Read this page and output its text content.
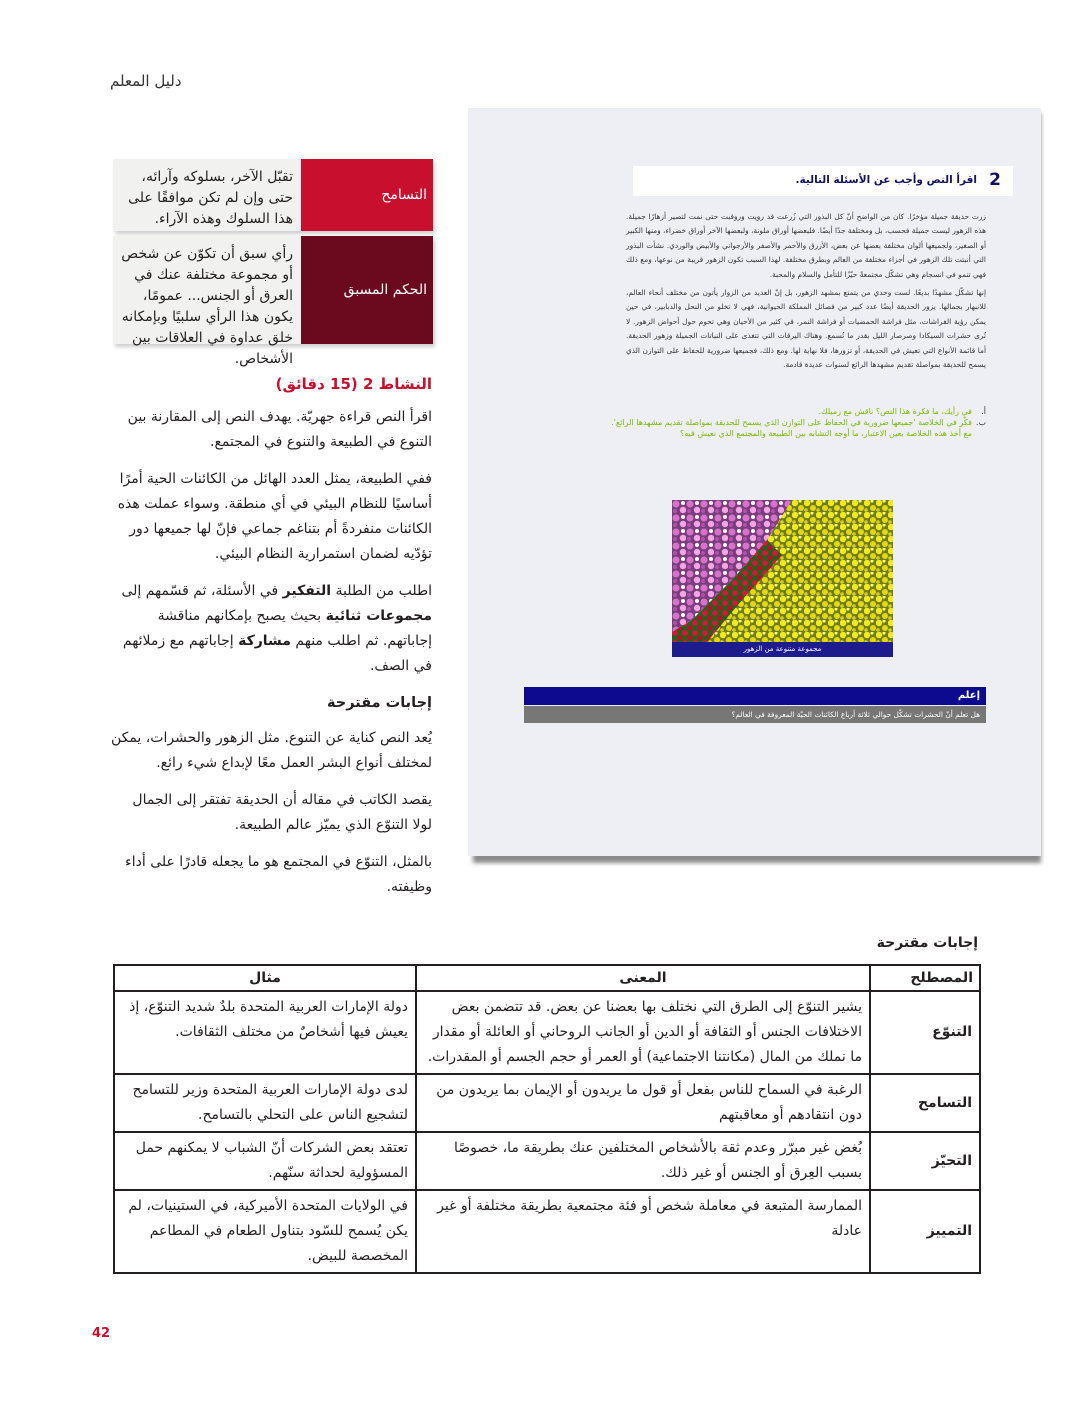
دليل المعلم
التسامح
تقبّل الآخر، بسلوكه وآرائه، حتى وإن لم تكن موافقًا على هذا السلوك وهذه الآراء.
الحكم المسبق
رأي سبق أن تكوّن عن شخص أو مجموعة مختلفة عنك في العرق أو الجنس... عمومًا، يكون هذا الرأي سلبيًا وبإمكانه خلق عداوة في العلاقات بين الأشخاص.
النشاط 2 (15 دقائق)

اقرأ النص قراءة جهريّة. يهدف النص إلى المقارنة بين التنوع في الطبيعة والتنوع في المجتمع.

ففي الطبيعة، يمثل العدد الهائل من الكائنات الحية أمرًا أساسيًا للنظام البيئي في أي منطقة. وسواء عملت هذه الكائنات منفردةً أم بتناغم جماعي فإنّ لها جميعها دور تؤدّيه لضمان استمرارية النظام البيئي.

اطلب من الطلبة التفكير في الأسئلة، ثم قسّمهم إلى مجموعات ثنائية بحيث يصبح بإمكانهم مناقشة إجاباتهم. ثم اطلب منهم مشاركة إجاباتهم مع زملائهم في الصف.

إجابات مقترحة

يُعد النص كناية عن التنوع. مثل الزهور والحشرات، يمكن لمختلف أنواع البشر العمل معًا لإبداع شيء رائع.

يقصد الكاتب في مقاله أن الحديقة تفتقر إلى الجمال لولا التنوّع الذي يميّز عالم الطبيعة.

بالمثل، التنوّع في المجتمع هو ما يجعله قادرًا على أداء وظيفته.

2
اقرأ النص وأجب عن الأسئلة التالية.

زرت حديقة جميلة مؤخرًا. كان من الواضح أنّ كل البذور التي زُرعت قد رويت وروقبت حتى نمت لتصير أزهارًا جميلة. هذه الزهور ليست جميلة فحسب، بل ومختلفة جدًا أيضًا. فلبعضها أوراق ملونة، ولبعضها الآخر أوراق خضراء، ومنها الكبير أو الصغير، ولجميعها ألوان مختلفة بعضها عن بعض، الأزرق والأحمر والأصفر والأرجواني والأبيض والوردي. نشأت البذور التي أنبتت تلك الزهور في أجزاء مختلفة من العالم وبطرق مختلفة. لهذا السبب تكون الزهور قريبة من نوعها، ومع ذلك فهي تنمو في انسجام وهي تشكّل مجتمعةً حيّزًا للتأمل والسلام والمحبة.

إنها تشكّل مشهدًا بديعًا. لست وحدي من يتمتع بمشهد الزهور، بل إنّ العديد من الزوار يأتون من مختلف أنحاء العالم، للانبهار بجمالها. يزور الحديقة أيضًا عدد كبير من فصائل المملكة الحيوانية، فهي لا تخلو من النحل والدبابير، في حين يمكن رؤية الفراشات، مثل فراشة الحمضيات أو فراشة النمر، في كثير من الأحيان وهي تحوم حول أحواض الزهور. لا تُرى حشرات السيكادا وصرصار الليل بقدر ما تُسمع. وهناك اليرقات التي تتغذى على النباتات الجميلة وزهور الحديقة. أما قائمة الأنواع التي تعيش في الحديقة، أو تزورها، فلا نهاية لها. ومع ذلك، فجميعها ضرورية للحفاظ على التوازن الذي يسمح للحديقة بمواصلة تقديم مشهدها الرائع لسنوات عديدة قادمة.

أ.
في رأيك، ما فكرة هذا النص؟ ناقش مع زميلك.
ب.
فكّر في الخلاصة 'جميعها ضرورية في الحفاظ على التوازن الذي يسمح للحديقة بمواصلة تقديم مشهدها الرائع'.
مع أخذ هذه الخلاصة بعين الاعتبار، ما أوجه التشابه بين الطبيعة والمجتمع الذي نعيش فيه؟
مجموعة متنوعة من الزهور
إعلم
هل تعلم أنّ الحشرات تشكّل حوالي ثلاثة أرباع الكائنات الحيّة المعروفة في العالم؟
إجابات مقترحة
المصطلح	المعنى	مثال
التنوّع	يشير التنوّع إلى الطرق التي نختلف بها بعضنا عن بعض. قد تتضمن بعض الاختلافات الجنس أو الثقافة أو الدين أو الجانب الروحاني أو العائلة أو مقدار ما نملك من المال (مكانتنا الاجتماعية) أو العمر أو حجم الجسم أو المقدرات.	دولة الإمارات العربية المتحدة بلدٌ شديد التنوّع، إذ يعيش فيها أشخاصٌ من مختلف الثقافات.
التسامح	الرغبة في السماح للناس بفعل أو قول ما يريدون أو الإيمان بما يريدون من دون انتقادهم أو معاقبتهم	لدى دولة الإمارات العربية المتحدة وزير للتسامح لتشجيع الناس على التحلي بالتسامح.
التحيّز	بُغض غير مبرّر وعدم ثقة بالأشخاص المختلفين عنك بطريقة ما، خصوصًا بسبب العِرق أو الجنس أو غير ذلك.	تعتقد بعض الشركات أنّ الشباب لا يمكنهم حمل المسؤولية لحداثة سنّهم.
التمييز	الممارسة المتبعة في معاملة شخص أو فئة مجتمعية بطريقة مختلفة أو غير عادلة	في الولايات المتحدة الأميركية، في الستينيات، لم يكن يُسمح للسّود بتناول الطعام في المطاعم المخصصة للبيض.
42
